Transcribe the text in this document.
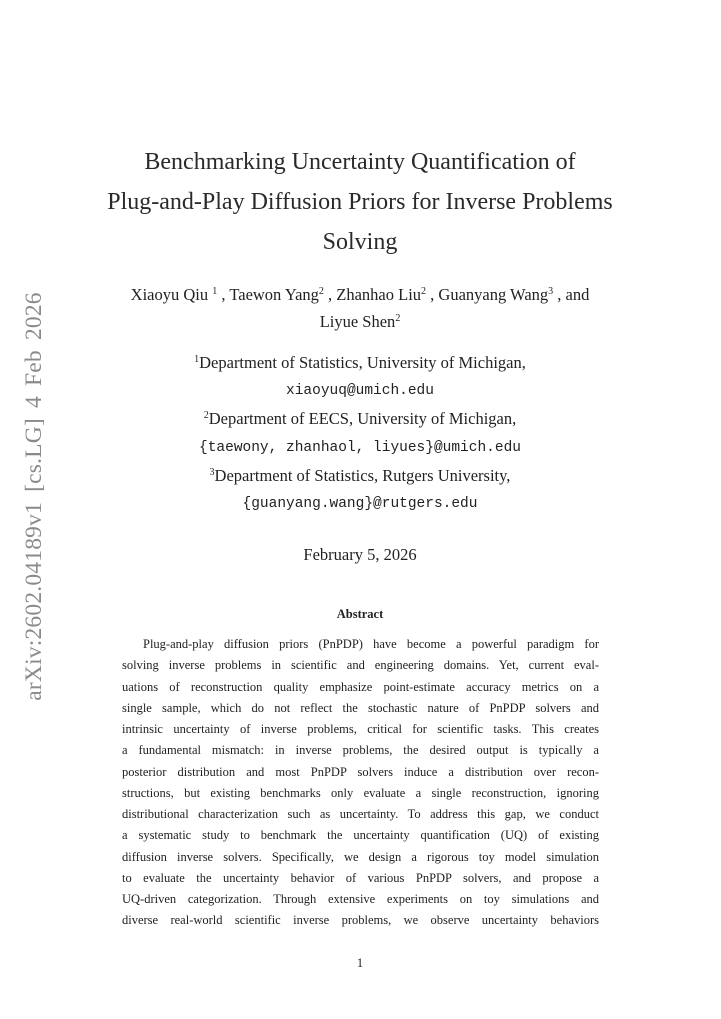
arXiv:2602.04189v1 [cs.LG] 4 Feb 2026
Benchmarking Uncertainty Quantification of
Plug-and-Play Diffusion Priors for Inverse Problems
Solving
Xiaoyu Qiu $^1$ , Taewon Yang$^2$ , Zhanhao Liu$^2$ , Guanyang Wang$^3$ , and
Liyue Shen$^2$
$^1$Department of Statistics, University of Michigan,
xiaoyuq@umich.edu
$^2$Department of EECS, University of Michigan,
{taewony, zhanhaol, liyues}@umich.edu
$^3$Department of Statistics, Rutgers University,
{guanyang.wang}@rutgers.edu
February 5, 2026
Abstract
Plug-and-play diffusion priors (PnPDP) have become a powerful paradigm for
solving inverse problems in scientific and engineering domains. Yet, current eval-
uations of reconstruction quality emphasize point-estimate accuracy metrics on a
single sample, which do not reflect the stochastic nature of PnPDP solvers and
intrinsic uncertainty of inverse problems, critical for scientific tasks. This creates
a fundamental mismatch: in inverse problems, the desired output is typically a
posterior distribution and most PnPDP solvers induce a distribution over recon-
structions, but existing benchmarks only evaluate a single reconstruction, ignoring
distributional characterization such as uncertainty. To address this gap, we conduct
a systematic study to benchmark the uncertainty quantification (UQ) of existing
diffusion inverse solvers. Specifically, we design a rigorous toy model simulation
to evaluate the uncertainty behavior of various PnPDP solvers, and propose a
UQ-driven categorization. Through extensive experiments on toy simulations and
diverse real-world scientific inverse problems, we observe uncertainty behaviors
1
